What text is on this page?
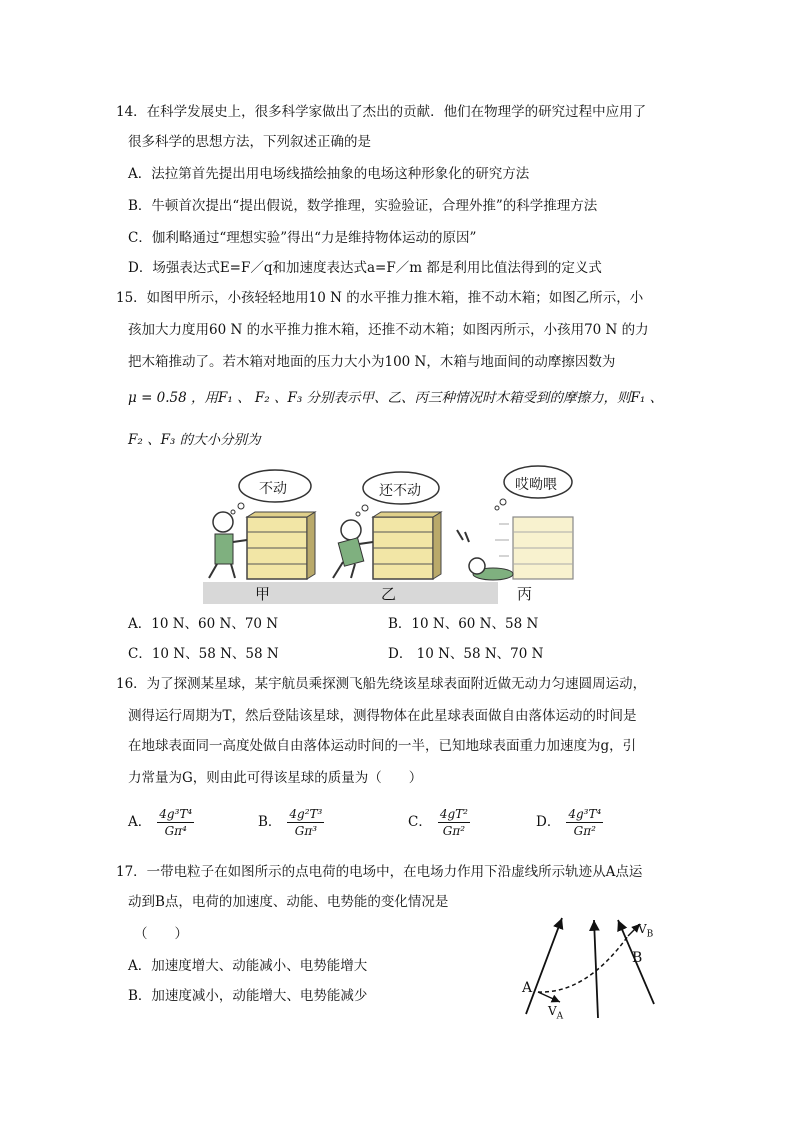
14．在科学发展史上，很多科学家做出了杰出的贡献．他们在物理学的研究过程中应用了
很多科学的思想方法，下列叙述正确的是
A．法拉第首先提出用电场线描绘抽象的电场这种形象化的研究方法
B．牛顿首次提出“提出假说，数学推理，实验验证，合理外推”的科学推理方法
C．伽利略通过“理想实验”得出“力是维持物体运动的原因”
D．场强表达式E=F／q和加速度表达式a=F／m 都是利用比值法得到的定义式
15．如图甲所示，小孩轻轻地用10 N 的水平推力推木箱，推不动木箱；如图乙所示，小
孩加大力度用60 N 的水平推力推木箱，还推不动木箱；如图丙所示，小孩用70 N 的力
把木箱推动了。若木箱对地面的压力大小为100 N，木箱与地面间的动摩擦因数为
μ = 0.58 ，用F₁ 、 F₂ 、F₃ 分别表示甲、乙、丙三种情况时木箱受到的摩擦力，则F₁ 、
F₂ 、F₃ 的大小分别为
不动	还不动	哎呦喂
甲	乙	丙
A．10 N、60 N、70 N	B．10 N、60 N、58 N
C．10 N、58 N、58 N	D． 10 N、58 N、70 N
16．为了探测某星球，某宇航员乘探测飞船先绕该星球表面附近做无动力匀速圆周运动，
测得运行周期为T，然后登陆该星球，测得物体在此星球表面做自由落体运动的时间是
在地球表面同一高度处做自由落体运动时间的一半，已知地球表面重力加速度为g，引
力常量为G，则由此可得该星球的质量为（　　）
A． $\frac{\text{4g³T⁴}}{\text{Gπ⁴}}$	B． $\frac{\text{4g²T³}}{\text{Gπ³}}$	C． $\frac{\text{4gT²}}{\text{Gπ²}}$	D． $\frac{\text{4g³T⁴}}{\text{Gπ²}}$
17．一带电粒子在如图所示的点电荷的电场中，在电场力作用下沿虚线所示轨迹从A点运
动到B点，电荷的加速度、动能、电势能的变化情况是
（　　）
A．加速度增大、动能减小、电势能增大
B．加速度减小，动能增大、电势能减少	A
B
$V_A$
$V_B$
